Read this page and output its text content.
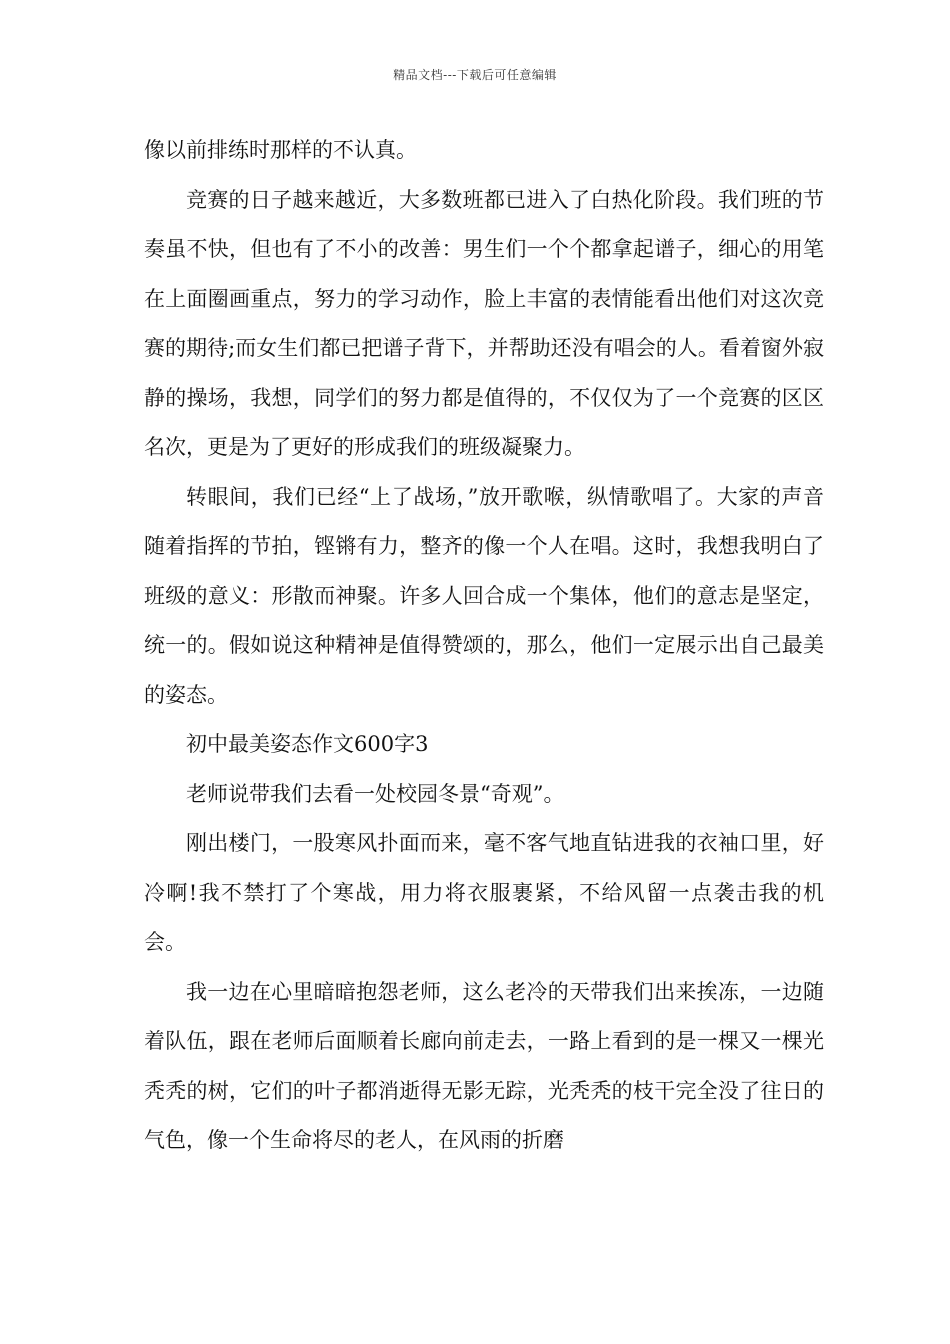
精品文档---下载后可任意编辑

像以前排练时那样的不认真。

竞赛的日子越来越近，大多数班都已进入了白热化阶段。我们班的节奏虽不快，但也有了不小的改善：男生们一个个都拿起谱子，细心的用笔在上面圈画重点，努力的学习动作，脸上丰富的表情能看出他们对这次竞赛的期待;而女生们都已把谱子背下，并帮助还没有唱会的人。看着窗外寂静的操场，我想，同学们的努力都是值得的，不仅仅为了一个竞赛的区区名次，更是为了更好的形成我们的班级凝聚力。

转眼间，我们已经“上了战场，”放开歌喉，纵情歌唱了。大家的声音随着指挥的节拍，铿锵有力，整齐的像一个人在唱。这时，我想我明白了班级的意义：形散而神聚。许多人回合成一个集体，他们的意志是坚定，统一的。假如说这种精神是值得赞颂的，那么，他们一定展示出自己最美的姿态。

初中最美姿态作文600字3

老师说带我们去看一处校园冬景“奇观”。

刚出楼门，一股寒风扑面而来，毫不客气地直钻进我的衣袖口里，好冷啊!我不禁打了个寒战，用力将衣服裹紧，不给风留一点袭击我的机会。

我一边在心里暗暗抱怨老师，这么老冷的天带我们出来挨冻，一边随着队伍，跟在老师后面顺着长廊向前走去，一路上看到的是一棵又一棵光秃秃的树，它们的叶子都消逝得无影无踪，光秃秃的枝干完全没了往日的气色，像一个生命将尽的老人，在风雨的折磨
